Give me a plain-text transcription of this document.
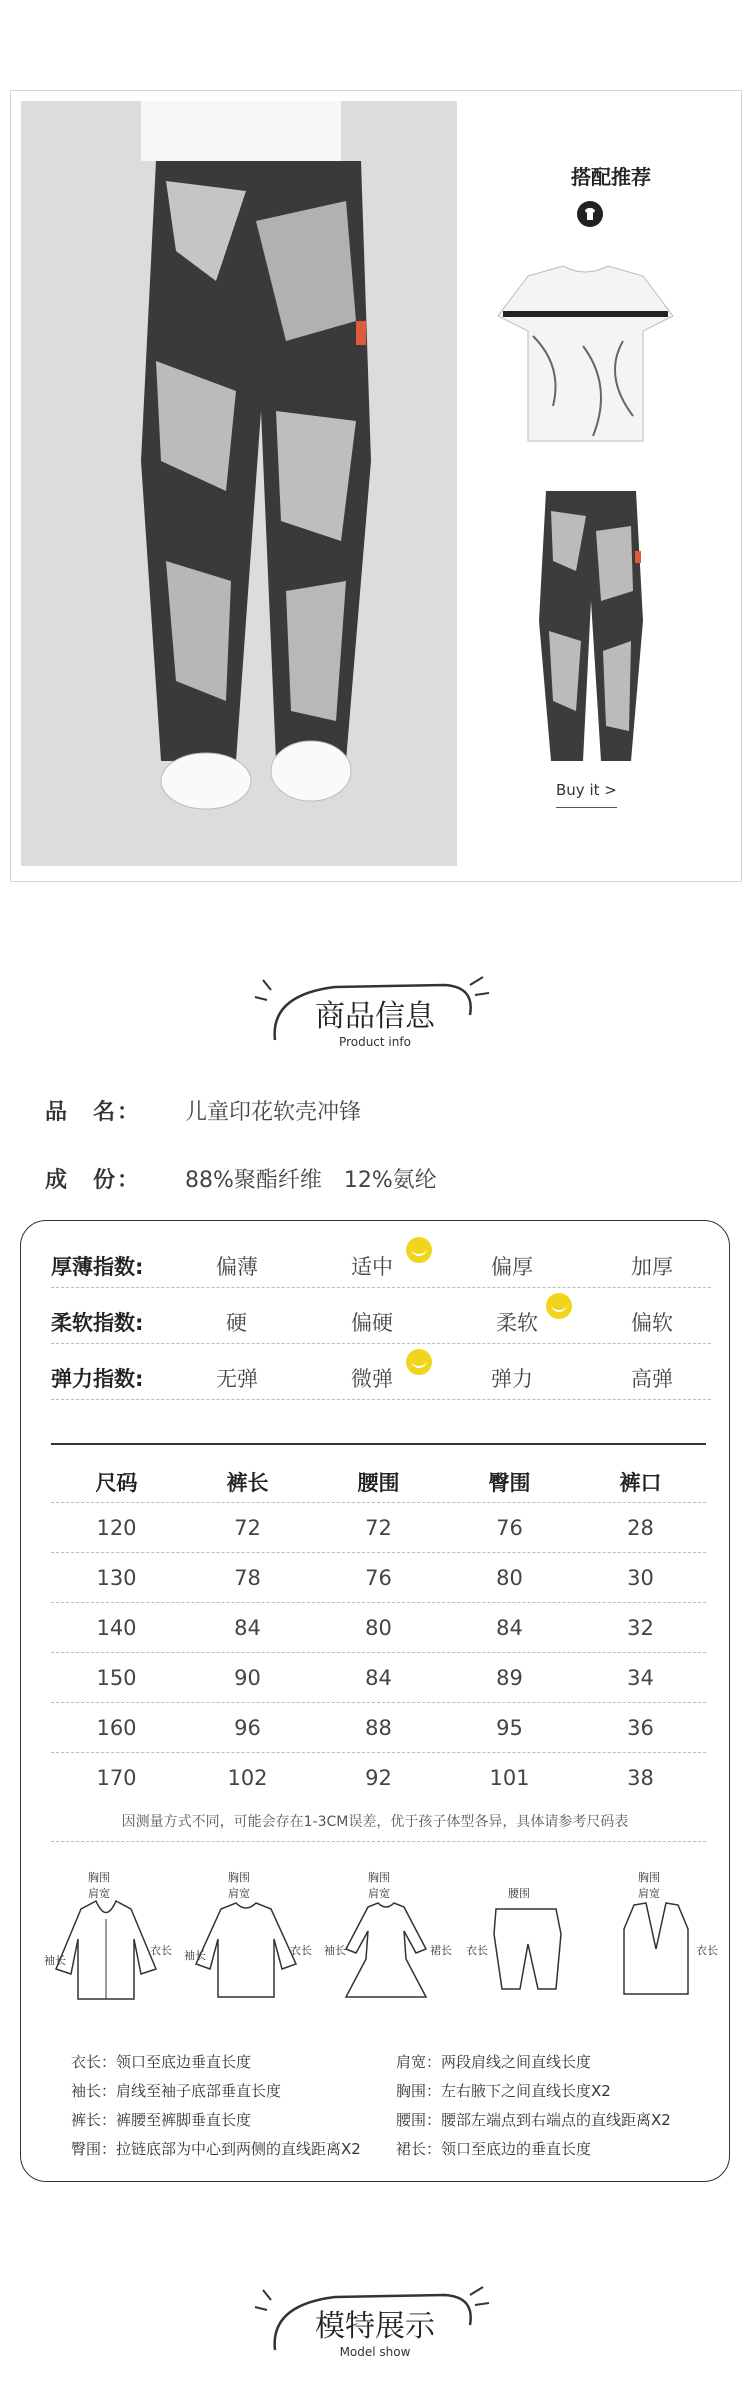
搭配推荐
Buy it >
商品信息
Product info
品　名： 儿童印花软壳冲锋
成　份： 88%聚酯纤维　12%氨纶
厚薄指数:	偏薄	适中	偏厚	加厚
柔软指数:	硬	偏硬	柔软	偏软
弹力指数:	无弹	微弹	弹力	高弹
尺码	裤长	腰围	臀围	裤口
120	72	72	76	28
130	78	76	80	30
140	84	80	84	32
150	90	84	89	34
160	96	88	95	36
170	102	92	101	38
因测量方式不同，可能会存在1-3CM误差，优于孩子体型各异，具体请参考尺码表
胸围
肩宽
袖长
衣长
胸围
肩宽
袖长	衣长
胸围
肩宽
袖长	裙长
腰围
衣长
胸围
肩宽
衣长
衣长：领口至底边垂直长度	肩宽：两段肩线之间直线长度
袖长：肩线至袖子底部垂直长度	胸围：左右腋下之间直线长度X2
裤长：裤腰至裤脚垂直长度	腰围：腰部左端点到右端点的直线距离X2
臀围：拉链底部为中心到两侧的直线距离X2 裙长：领口至底边的垂直长度
模特展示
Model show
